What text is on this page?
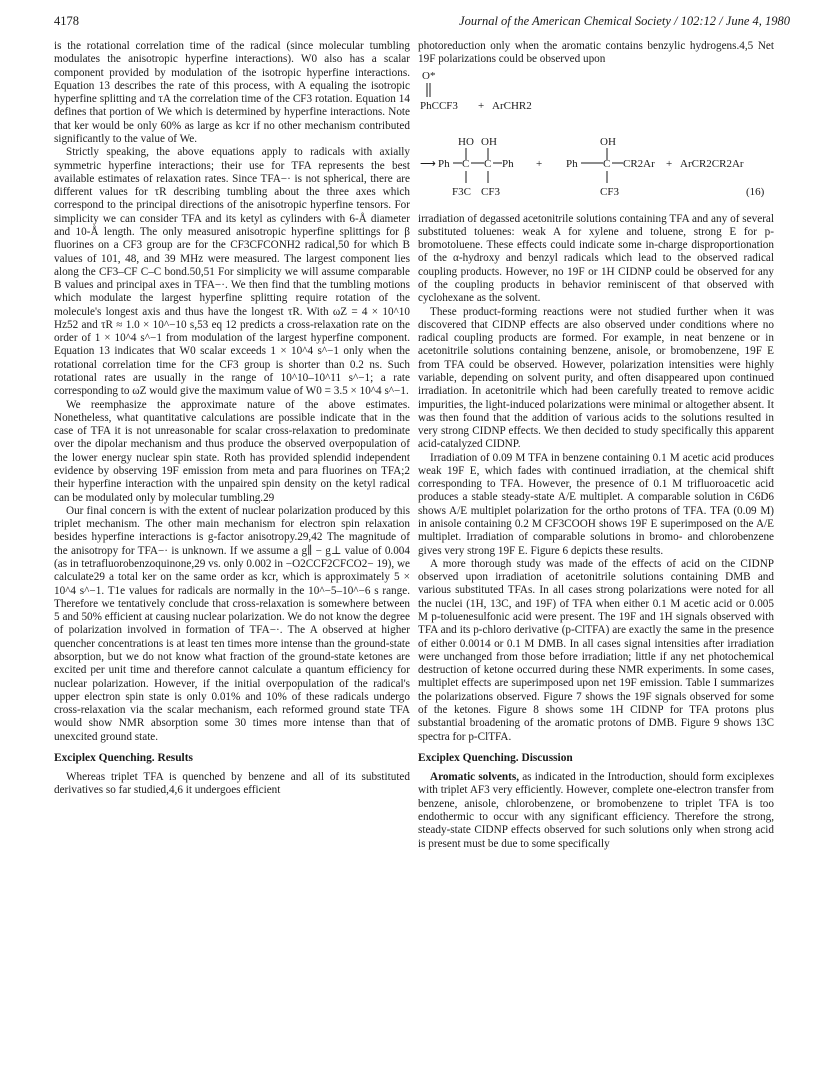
4178	Journal of the American Chemical Society / 102:12 / June 4, 1980

is the rotational correlation time of the radical (since molecular tumbling modulates the anisotropic hyperfine interactions). W0 also has a scalar component provided by modulation of the isotropic hyperfine interactions. Equation 13 describes the rate of this process, with A equaling the isotropic hyperfine splitting and τA the correlation time of the CF3 rotation. Equation 14 defines that portion of We which is determined by hyperfine interactions. Note that ker would be only 60% as large as kcr if no other mechanism contributed significantly to the value of We.

Strictly speaking, the above equations apply to radicals with axially symmetric hyperfine interactions; their use for TFA represents the best available estimates of relaxation rates. Since TFA−· is not spherical, there are different values for τR describing tumbling about the three axes which correspond to the principal directions of the anisotropic hyperfine tensors. For simplicity we can consider TFA and its ketyl as cylinders with 6-Å diameter and 10-Å length. The only measured anisotropic hyperfine splittings for β fluorines on a CF3 group are for the CF3CFCONH2 radical,50 for which B values of 101, 48, and 39 MHz were measured. The largest component lies along the CF3–CF C–C bond.50,51 For simplicity we will assume comparable B values and principal axes in TFA−·. We then find that the tumbling motions which modulate the largest hyperfine splitting require rotation of the molecule's longest axis and thus have the longest τR. With ωZ = 4 × 10^10 Hz52 and τR ≈ 1.0 × 10^−10 s,53 eq 12 predicts a cross-relaxation rate on the order of 1 × 10^4 s^−1 from modulation of the largest hyperfine component. Equation 13 indicates that W0 scalar exceeds 1 × 10^4 s^−1 only when the rotational correlation time for the CF3 group is shorter than 0.2 ns. Such rotational rates are usually in the range of 10^10–10^11 s^−1; a rate corresponding to ωZ would give the maximum value of W0 = 3.5 × 10^4 s^−1.

We reemphasize the approximate nature of the above estimates. Nonetheless, what quantitative calculations are possible indicate that in the case of TFA it is not unreasonable for scalar cross-relaxation to predominate over the dipolar mechanism and thus produce the observed overpopulation of the lower energy nuclear spin state. Roth has provided splendid independent evidence by observing 19F emission from meta and para fluorines on TFA;2 their hyperfine interaction with the unpaired spin density on the ketyl radical can be modulated only by molecular tumbling.29

Our final concern is with the extent of nuclear polarization produced by this triplet mechanism. The other main mechanism for electron spin relaxation besides hyperfine interactions is g-factor anisotropy.29,42 The magnitude of the anisotropy for TFA−· is unknown. If we assume a g∥ − g⊥ value of 0.004 (as in tetrafluorobenzoquinone,29 vs. only 0.002 in −O2CCF2CFCO2− 19), we calculate29 a total ker on the same order as kcr, which is approximately 5 × 10^4 s^−1. T1e values for radicals are normally in the 10^−5–10^−6 s range. Therefore we tentatively conclude that cross-relaxation is somewhere between 5 and 50% efficient at causing nuclear polarization. We do not know the degree of polarization involved in formation of TFA−·. The A observed at higher quencher concentrations is at least ten times more intense than the ground-state absorption, but we do not know what fraction of the ground-state ketones are excited per unit time and therefore cannot calculate a quantum efficiency for nuclear polarization. However, if the initial overpopulation of the radical's upper electron spin state is only 0.01% and 10% of these radicals undergo cross-relaxation via the scalar mechanism, each reformed ground state TFA would show NMR absorption some 30 times more intense than that of unexcited ground state.

Exciplex Quenching. Results

Whereas triplet TFA is quenched by benzene and all of its substituted derivatives so far studied,4,6 it undergoes efficient

photoreduction only when the aromatic contains benzylic hydrogens.4,5 Net 19F polarizations could be observed upon

O*
PhCCF3 + ArCHR2
HO OH	OH
⟶ Ph C C Ph + Ph C CR2Ar + ArCR2CR2Ar
F3C CF3	CF3	(16)

irradiation of degassed acetonitrile solutions containing TFA and any of several substituted toluenes: weak A for xylene and toluene, strong E for p-bromotoluene. These effects could indicate some in-charge disproportionation of the α-hydroxy and benzyl radicals which lead to the observed radical coupling products. However, no 19F or 1H CIDNP could be observed for any of the coupling products in behavior reminiscent of that observed with cyclohexane as the solvent.

These product-forming reactions were not studied further when it was discovered that CIDNP effects are also observed under conditions where no radical coupling products are formed. For example, in neat benzene or in acetonitrile solutions containing benzene, anisole, or bromobenzene, 19F E from TFA could be observed. However, polarization intensities were highly variable, depending on solvent purity, and often disappeared upon continued irradiation. In acetonitrile which had been carefully treated to remove acidic impurities, the light-induced polarizations were minimal or altogether absent. It was then found that the addition of various acids to the solutions resulted in very strong CIDNP effects. We then decided to study specifically this apparent acid-catalyzed CIDNP.

Irradiation of 0.09 M TFA in benzene containing 0.1 M acetic acid produces weak 19F E, which fades with continued irradiation, at the chemical shift corresponding to TFA. However, the presence of 0.1 M trifluoroacetic acid produces a stable steady-state A/E multiplet. A comparable solution in C6D6 shows A/E multiplet polarization for the ortho protons of TFA. TFA (0.09 M) in anisole containing 0.2 M CF3COOH shows 19F E superimposed on the A/E multiplet. Irradiation of comparable solutions in bromo- and chlorobenzene gives very strong 19F E. Figure 6 depicts these results.

A more thorough study was made of the effects of acid on the CIDNP observed upon irradiation of acetonitrile solutions containing DMB and various substituted TFAs. In all cases strong polarizations were noted for all the nuclei (1H, 13C, and 19F) of TFA when either 0.1 M acetic acid or 0.005 M p-toluenesulfonic acid were present. The 19F and 1H signals observed with TFA and its p-chloro derivative (p-ClTFA) are exactly the same in the presence of either 0.0014 or 0.1 M DMB. In all cases signal intensities after irradiation were unchanged from those before irradiation; little if any net photochemical destruction of ketone occurred during these NMR experiments. In some cases, multiplet effects are superimposed upon net 19F emission. Table I summarizes the polarizations observed. Figure 7 shows the 19F signals observed for some of the ketones. Figure 8 shows some 1H CIDNP for TFA protons plus substantial broadening of the aromatic protons of DMB. Figure 9 shows 13C spectra for p-ClTFA.

Exciplex Quenching. Discussion

Aromatic solvents, as indicated in the Introduction, should form exciplexes with triplet AF3 very efficiently. However, complete one-electron transfer from benzene, anisole, chlorobenzene, or bromobenzene to triplet TFA is too endothermic to occur with any significant efficiency. Therefore the strong, steady-state CIDNP effects observed for such solutions only when strong acid is present must be due to some specifically
